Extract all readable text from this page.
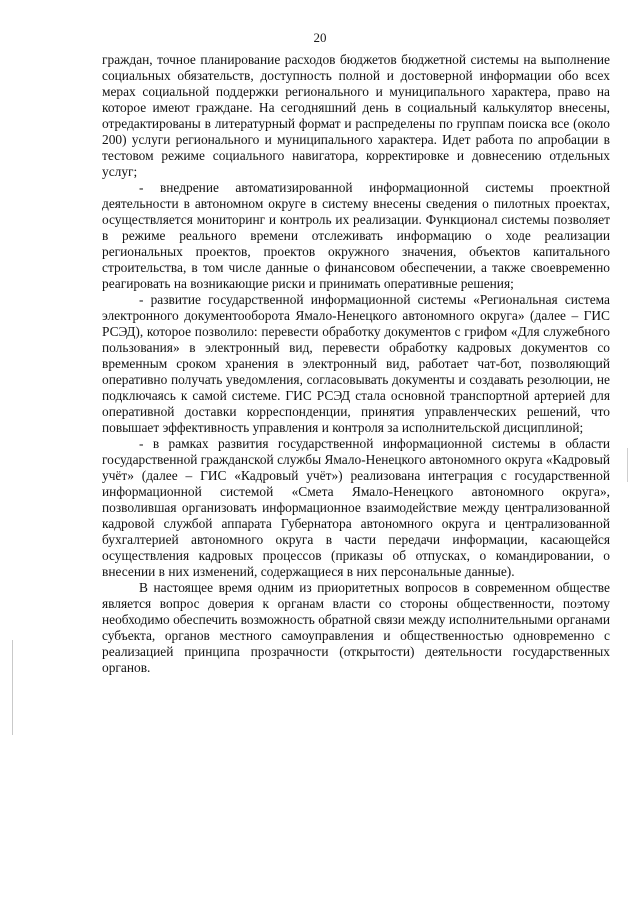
20

граждан, точное планирование расходов бюджетов бюджетной системы на выполнение социальных обязательств, доступность полной и достоверной информации обо всех мерах социальной поддержки регионального и муниципального характера, право на которое имеют граждане. На сегодняшний день в социальный калькулятор внесены, отредактированы в литературный формат и распределены по группам поиска все (около 200) услуги регионального и муниципального характера. Идет работа по апробации в тестовом режиме социального навигатора, корректировке и довнесению отдельных услуг;

- внедрение автоматизированной информационной системы проектной деятельности в автономном округе в систему внесены сведения о пилотных проектах, осуществляется мониторинг и контроль их реализации. Функционал системы позволяет в режиме реального времени отслеживать информацию о ходе реализации региональных проектов, проектов окружного значения, объектов капитального строительства, в том числе данные о финансовом обеспечении, а также своевременно реагировать на возникающие риски и принимать оперативные решения;

- развитие государственной информационной системы «Региональная система электронного документооборота Ямало-Ненецкого автономного округа» (далее – ГИС РСЭД), которое позволило: перевести обработку документов с грифом «Для служебного пользования» в электронный вид, перевести обработку кадровых документов со временным сроком хранения в электронный вид, работает чат-бот, позволяющий оперативно получать уведомления, согласовывать документы и создавать резолюции, не подключаясь к самой системе. ГИС РСЭД стала основной транспортной артерией для оперативной доставки корреспонденции, принятия управленческих решений, что повышает эффективность управления и контроля за исполнительской дисциплиной;

- в рамках развития государственной информационной системы в области государственной гражданской службы Ямало-Ненецкого автономного округа «Кадровый учёт» (далее – ГИС «Кадровый учёт») реализована интеграция с государственной информационной системой «Смета Ямало-Ненецкого автономного округа», позволившая организовать информационное взаимодействие между централизованной кадровой службой аппарата Губернатора автономного округа и централизованной бухгалтерией автономного округа в части передачи информации, касающейся осуществления кадровых процессов (приказы об отпусках, о командировании, о внесении в них изменений, содержащиеся в них персональные данные).

В настоящее время одним из приоритетных вопросов в современном обществе является вопрос доверия к органам власти со стороны общественности, поэтому необходимо обеспечить возможность обратной связи между исполнительными органами субъекта, органов местного самоуправления и общественностью одновременно с реализацией принципа прозрачности (открытости) деятельности государственных органов.
